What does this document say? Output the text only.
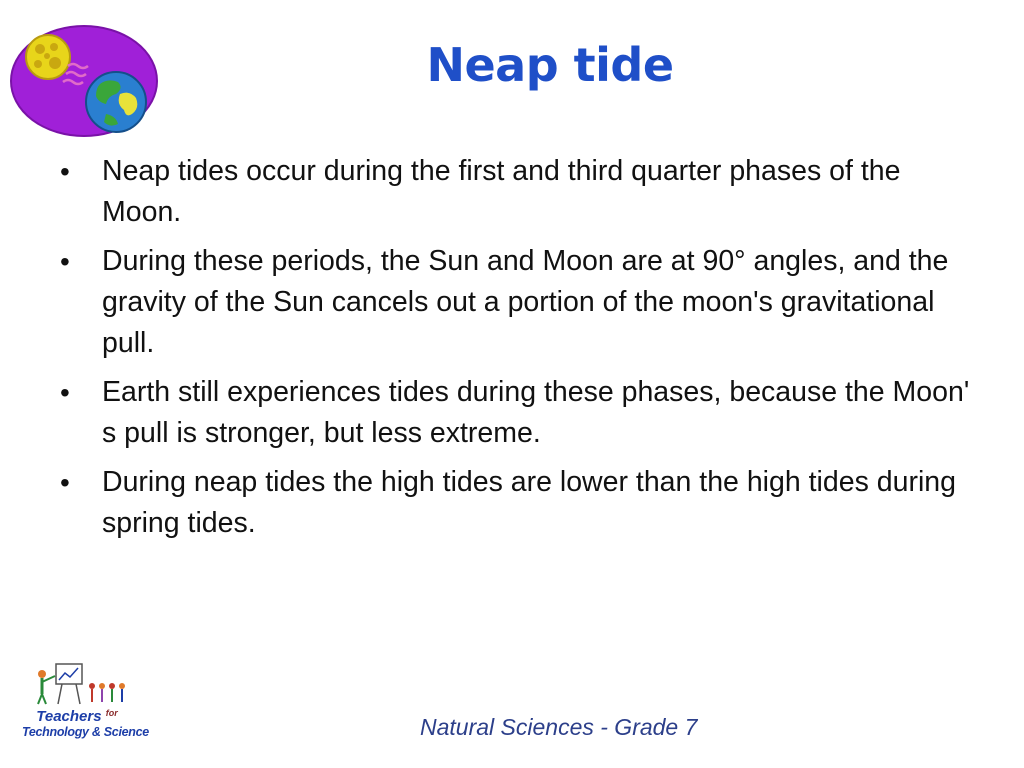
Neap tide
• Neap tides occur during the first and third quarter phases of the Moon.
• During these periods, the Sun and Moon are at 90° angles, and the gravity of the Sun cancels out a portion of the moon's gravitational pull.
• Earth still experiences tides during these phases, because the Moon' s pull is stronger, but less extreme.
• During neap tides the high tides are lower than the high tides during spring tides.
Teachers $^{for}$
Technology & Science	Natural Sciences - Grade 7
